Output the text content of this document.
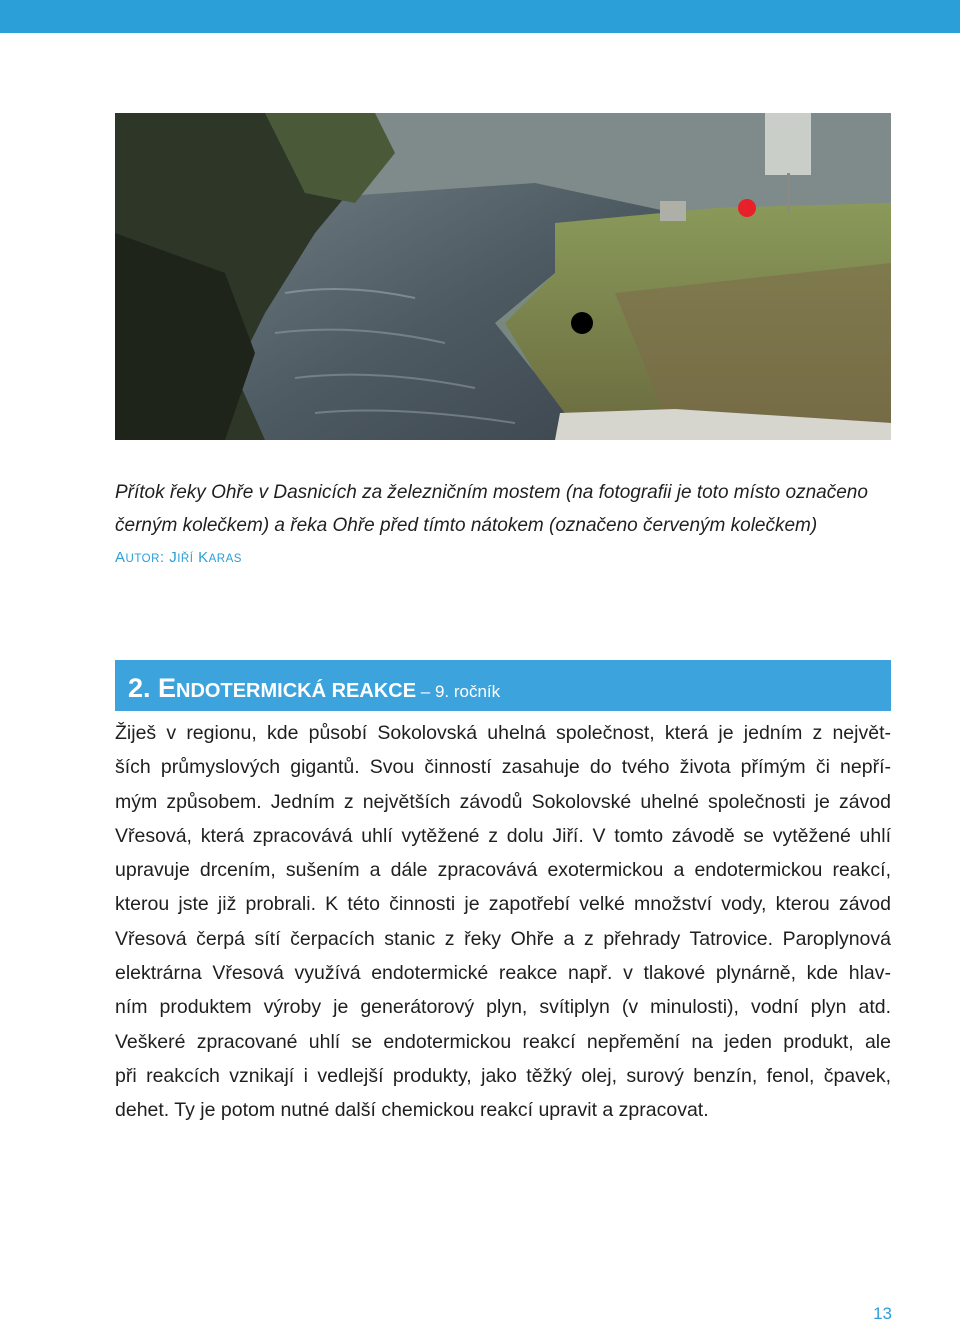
Přítok řeky Ohře v Dasnicích za železničním mostem (na fotografii je toto místo označeno

černým kolečkem) a řeka Ohře před tímto nátokem (označeno červeným kolečkem)

AUTOR: JIŘÍ KARAS
2. ENDOTERMICKÁ REAKCE – 9. ročník
Žiješ v regionu, kde působí Sokolovská uhelná společnost, která je jedním z největ-
ších průmyslových gigantů. Svou činností zasahuje do tvého života přímým či nepří-
mým způsobem. Jedním z největších závodů Sokolovské uhelné společnosti je závod
Vřesová, která zpracovává uhlí vytěžené z dolu Jiří. V tomto závodě se vytěžené uhlí
upravuje drcením, sušením a dále zpracovává exotermickou a endotermickou reakcí,
kterou jste již probrali. K této činnosti je zapotřebí velké množství vody, kterou závod
Vřesová čerpá sítí čerpacích stanic z řeky Ohře a z přehrady Tatrovice. Paroplynová
elektrárna Vřesová využívá endotermické reakce např. v tlakové plynárně, kde hlav-
ním produktem výroby je generátorový plyn, svítiplyn (v minulosti), vodní plyn atd.
Veškeré zpracované uhlí se endotermickou reakcí nepřemění na jeden produkt, ale
při reakcích vznikají i vedlejší produkty, jako těžký olej, surový benzín, fenol, čpavek,
dehet. Ty je potom nutné další chemickou reakcí upravit a zpracovat.
13
